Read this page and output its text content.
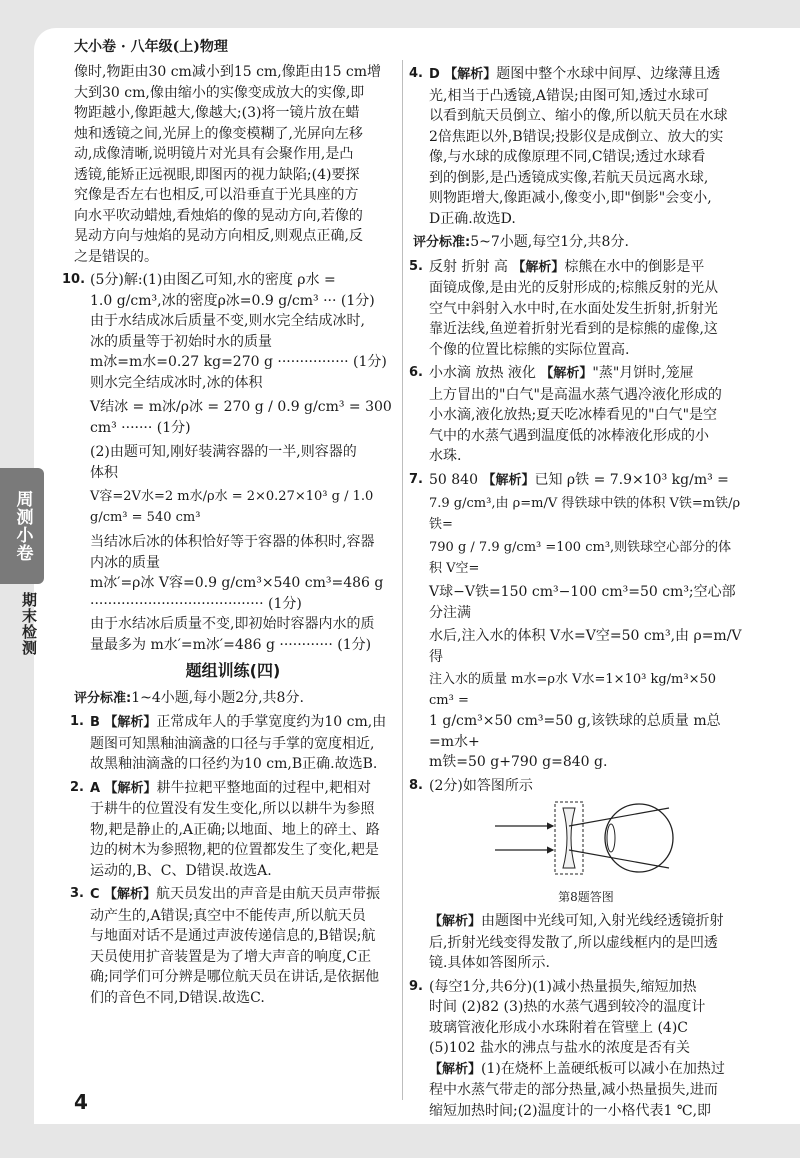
大小卷 · 八年级(上)物理
周测小卷
期末检测

像时,物距由30 cm减小到15 cm,像距由15 cm增

大到30 cm,像由缩小的实像变成放大的实像,即

物距越小,像距越大,像越大;(3)将一镜片放在蜡

烛和透镜之间,光屏上的像变模糊了,光屏向左移

动,成像清晰,说明镜片对光具有会聚作用,是凸

透镜,能矫正远视眼,即图丙的视力缺陷;(4)要探

究像是否左右也相反,可以沿垂直于光具座的方

向水平吹动蜡烛,看烛焰的像的晃动方向,若像的

晃动方向与烛焰的晃动方向相反,则观点正确,反

之是错误的。

10. (5分)解:(1)由图乙可知,水的密度 ρ水 =

1.0 g/cm³,冰的密度ρ冰=0.9 g/cm³ ··· (1分)

由于水结成冰后质量不变,则水完全结成冰时,

冰的质量等于初始时水的质量

m冰=m水=0.27 kg=270 g ················ (1分)

则水完全结成冰时,冰的体积

V结冰 = m冰/ρ冰 = 270 g / 0.9 g/cm³ = 300 cm³ ······· (1分)

(2)由题可知,刚好装满容器的一半,则容器的

体积

V容=2V水=2 m水/ρ水 = 2×0.27×10³ g / 1.0 g/cm³ = 540 cm³

当结冰后冰的体积恰好等于容器的体积时,容器

内冰的质量

m冰′=ρ冰 V容=0.9 g/cm³×540 cm³=486 g

······································· (1分)

由于水结冰后质量不变,即初始时容器内水的质

量最多为 m水′=m冰′=486 g ············ (1分)

题组训练(四)

评分标准:1~4小题,每小题2分,共8分.

1. B 【解析】正常成年人的手掌宽度约为10 cm,由

题图可知黑釉油滴盏的口径与手掌的宽度相近,

故黑釉油滴盏的口径约为10 cm,B正确.故选B.

2. A 【解析】耕牛拉耙平整地面的过程中,耙相对

于耕牛的位置没有发生变化,所以以耕牛为参照

物,耙是静止的,A正确;以地面、地上的碎土、路

边的树木为参照物,耙的位置都发生了变化,耙是

运动的,B、C、D错误.故选A.

3. C 【解析】航天员发出的声音是由航天员声带振

动产生的,A错误;真空中不能传声,所以航天员

与地面对话不是通过声波传递信息的,B错误;航

天员使用扩音装置是为了增大声音的响度,C正

确;同学们可分辨是哪位航天员在讲话,是依据他

们的音色不同,D错误.故选C.

4. D 【解析】题图中整个水球中间厚、边缘薄且透

光,相当于凸透镜,A错误;由图可知,透过水球可

以看到航天员倒立、缩小的像,所以航天员在水球

2倍焦距以外,B错误;投影仪是成倒立、放大的实

像,与水球的成像原理不同,C错误;透过水球看

到的倒影,是凸透镜成实像,若航天员远离水球,

则物距增大,像距减小,像变小,即"倒影"会变小,

D正确.故选D.

评分标准:5~7小题,每空1分,共8分.

5. 反射 折射 高 【解析】棕熊在水中的倒影是平

面镜成像,是由光的反射形成的;棕熊反射的光从

空气中斜射入水中时,在水面处发生折射,折射光

靠近法线,鱼逆着折射光看到的是棕熊的虚像,这

个像的位置比棕熊的实际位置高.

6. 小水滴 放热 液化 【解析】"蒸"月饼时,笼屉

上方冒出的"白气"是高温水蒸气遇冷液化形成的

小水滴,液化放热;夏天吃冰棒看见的"白气"是空

气中的水蒸气遇到温度低的冰棒液化形成的小

水珠.

7. 50 840 【解析】已知 ρ铁 = 7.9×10³ kg/m³ =

7.9 g/cm³,由 ρ=m/V 得铁球中铁的体积 V铁=m铁/ρ铁=

790 g / 7.9 g/cm³ =100 cm³,则铁球空心部分的体积 V空=

V球−V铁=150 cm³−100 cm³=50 cm³;空心部分注满

水后,注入水的体积 V水=V空=50 cm³,由 ρ=m/V 得

注入水的质量 m水=ρ水 V水=1×10³ kg/m³×50 cm³ =

1 g/cm³×50 cm³=50 g,该铁球的总质量 m总=m水+

m铁=50 g+790 g=840 g.

8. (2分)如答图所示

第8题答图

【解析】由题图中光线可知,入射光线经透镜折射

后,折射光线变得发散了,所以虚线框内的是凹透

镜.具体如答图所示.

9. (每空1分,共6分)(1)减小热量损失,缩短加热

时间 (2)82 (3)热的水蒸气遇到较冷的温度计

玻璃管液化形成小水珠附着在管壁上 (4)C

(5)102 盐水的沸点与盐水的浓度是否有关

【解析】(1)在烧杯上盖硬纸板可以减小在加热过

程中水蒸气带走的部分热量,减小热量损失,进而

缩短加热时间;(2)温度计的一小格代表1 ℃,即

4
